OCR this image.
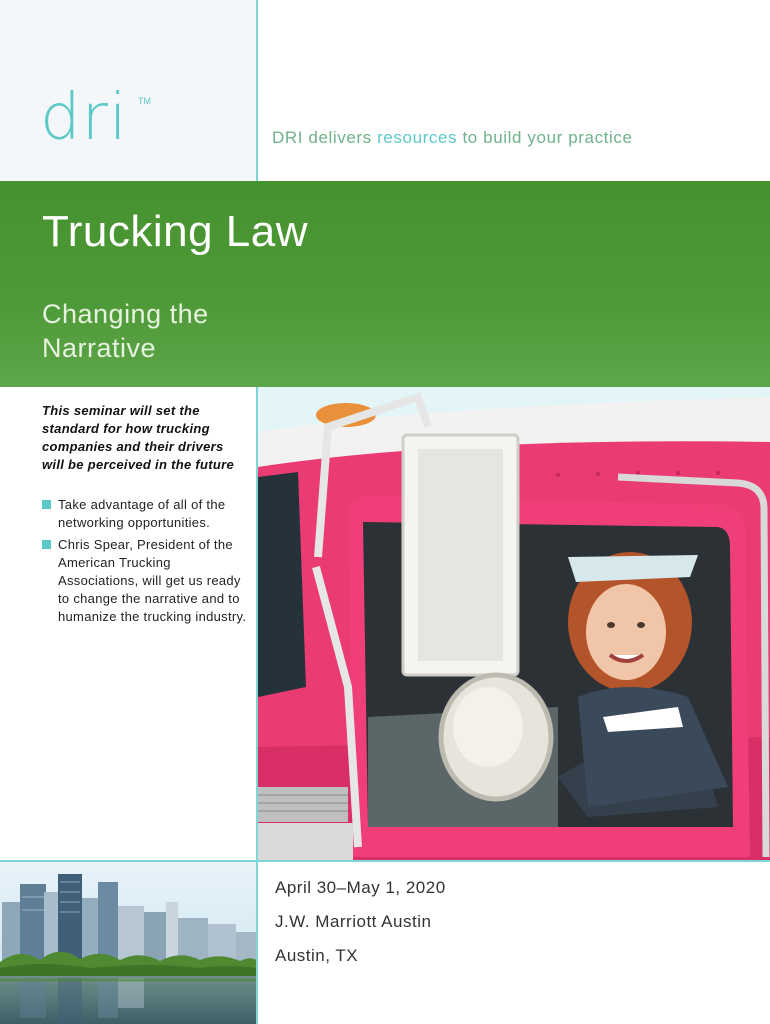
dri TM
DRI delivers resources to build your practice
Trucking Law
Changing the
Narrative
This seminar will set the standard for how trucking companies and their drivers will be perceived in the future
Take advantage of all of the networking opportunities.
Chris Spear, President of the American Trucking Associations, will get us ready to change the narrative and to humanize the trucking industry.
April 30–May 1, 2020
J.W. Marriott Austin
Austin, TX
